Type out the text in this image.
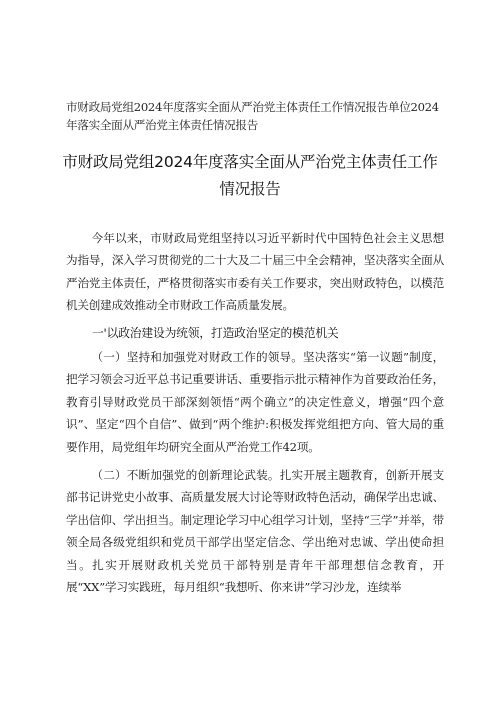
市财政局党组2024年度落实全面从严治党主体责任工作情况报告单位2024年落实全面从严治党主体责任情况报告
市财政局党组2024年度落实全面从严治党主体责任工作
情况报告

今年以来，市财政局党组坚持以习近平新时代中国特色社会主义思想为指导，深入学习贯彻党的二十大及二十届三中全会精神，坚决落实全面从严治党主体责任，严格贯彻落实市委有关工作要求，突出财政特色，以模范机关创建成效推动全市财政工作高质量发展。

一'以政治建设为统领，打造政治坚定的模范机关

（一）坚持和加强党对财政工作的领导。坚决落实“第一议题”制度，把学习领会习近平总书记重要讲话、重要指示批示精神作为首要政治任务，教育引导财政党员干部深刻领悟“两个确立”的决定性意义，增强“四个意识”、坚定“四个自信”、做到“两个维护:积极发挥党组把方向、管大局的重要作用，局党组年均研究全面从严治党工作42项。

（二）不断加强党的创新理论武装。扎实开展主题教育，创新开展支部书记讲党史小故事、高质量发展大讨论等财政特色活动，确保学出忠诚、学出信仰、学出担当。制定理论学习中心组学习计划，坚持“三学”并举，带领全局各级党组织和党员干部学出坚定信念、学出绝对忠诚、学出使命担当。扎实开展财政机关党员干部特别是青年干部理想信念教育，开展“XX”学习实践班，每月组织“我想听、你来讲”学习沙龙，连续举
